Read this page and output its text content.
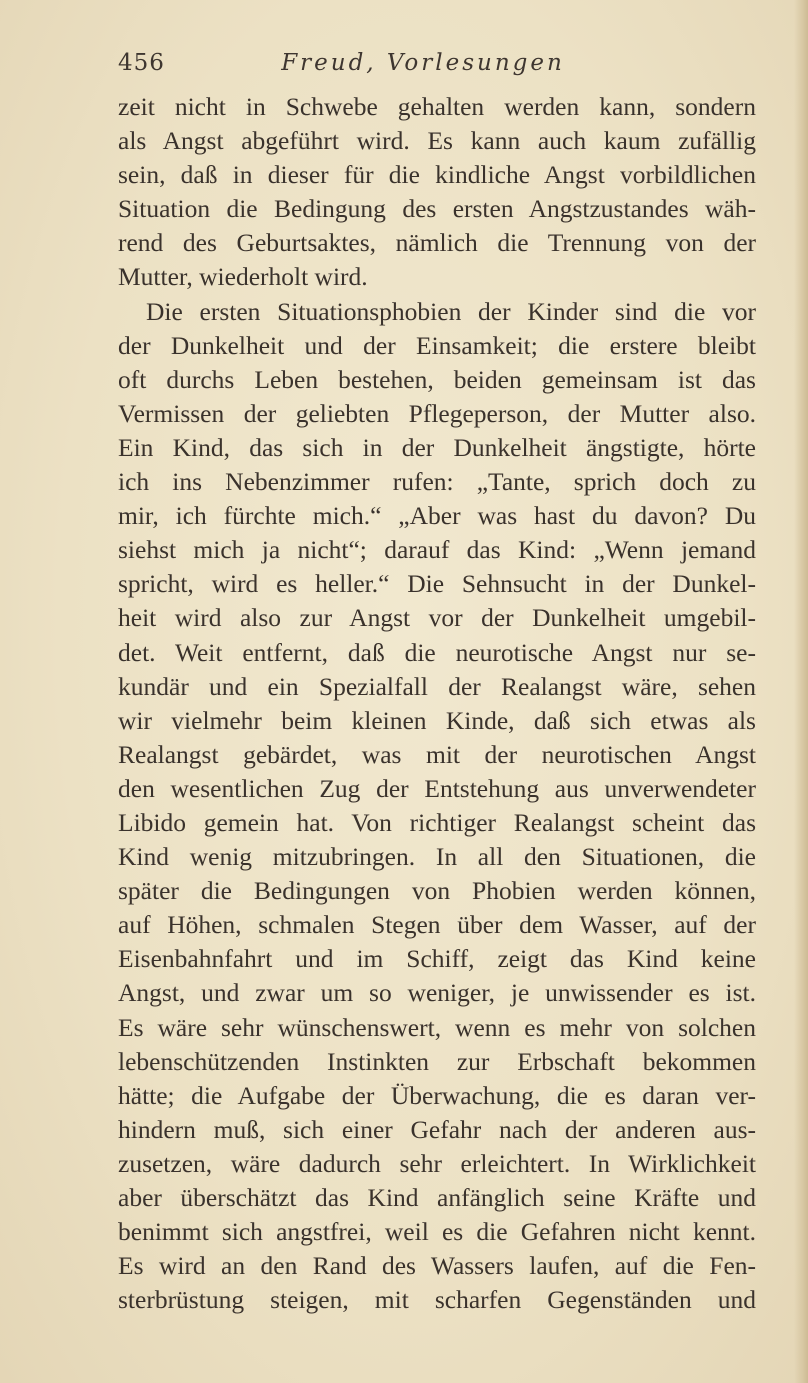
456	Freud, Vorlesungen
zeit nicht in Schwebe gehalten werden kann, sondern
als Angst abgeführt wird. Es kann auch kaum zufällig
sein, daß in dieser für die kindliche Angst vorbildlichen
Situation die Bedingung des ersten Angstzustandes wäh-
rend des Geburtsaktes, nämlich die Trennung von der
Mutter, wiederholt wird.
Die ersten Situationsphobien der Kinder sind die vor
der Dunkelheit und der Einsamkeit; die erstere bleibt
oft durchs Leben bestehen, beiden gemeinsam ist das
Vermissen der geliebten Pflegeperson, der Mutter also.
Ein Kind, das sich in der Dunkelheit ängstigte, hörte
ich ins Nebenzimmer rufen: „Tante, sprich doch zu
mir, ich fürchte mich.“ „Aber was hast du davon? Du
siehst mich ja nicht“; darauf das Kind: „Wenn jemand
spricht, wird es heller.“ Die Sehnsucht in der Dunkel-
heit wird also zur Angst vor der Dunkelheit umgebil-
det. Weit entfernt, daß die neurotische Angst nur se-
kundär und ein Spezialfall der Realangst wäre, sehen
wir vielmehr beim kleinen Kinde, daß sich etwas als
Realangst gebärdet, was mit der neurotischen Angst
den wesentlichen Zug der Entstehung aus unverwendeter
Libido gemein hat. Von richtiger Realangst scheint das
Kind wenig mitzubringen. In all den Situationen, die
später die Bedingungen von Phobien werden können,
auf Höhen, schmalen Stegen über dem Wasser, auf der
Eisenbahnfahrt und im Schiff, zeigt das Kind keine
Angst, und zwar um so weniger, je unwissender es ist.
Es wäre sehr wünschenswert, wenn es mehr von solchen
lebenschützenden Instinkten zur Erbschaft bekommen
hätte; die Aufgabe der Überwachung, die es daran ver-
hindern muß, sich einer Gefahr nach der anderen aus-
zusetzen, wäre dadurch sehr erleichtert. In Wirklichkeit
aber überschätzt das Kind anfänglich seine Kräfte und
benimmt sich angstfrei, weil es die Gefahren nicht kennt.
Es wird an den Rand des Wassers laufen, auf die Fen-
sterbrüstung steigen, mit scharfen Gegenständen und
